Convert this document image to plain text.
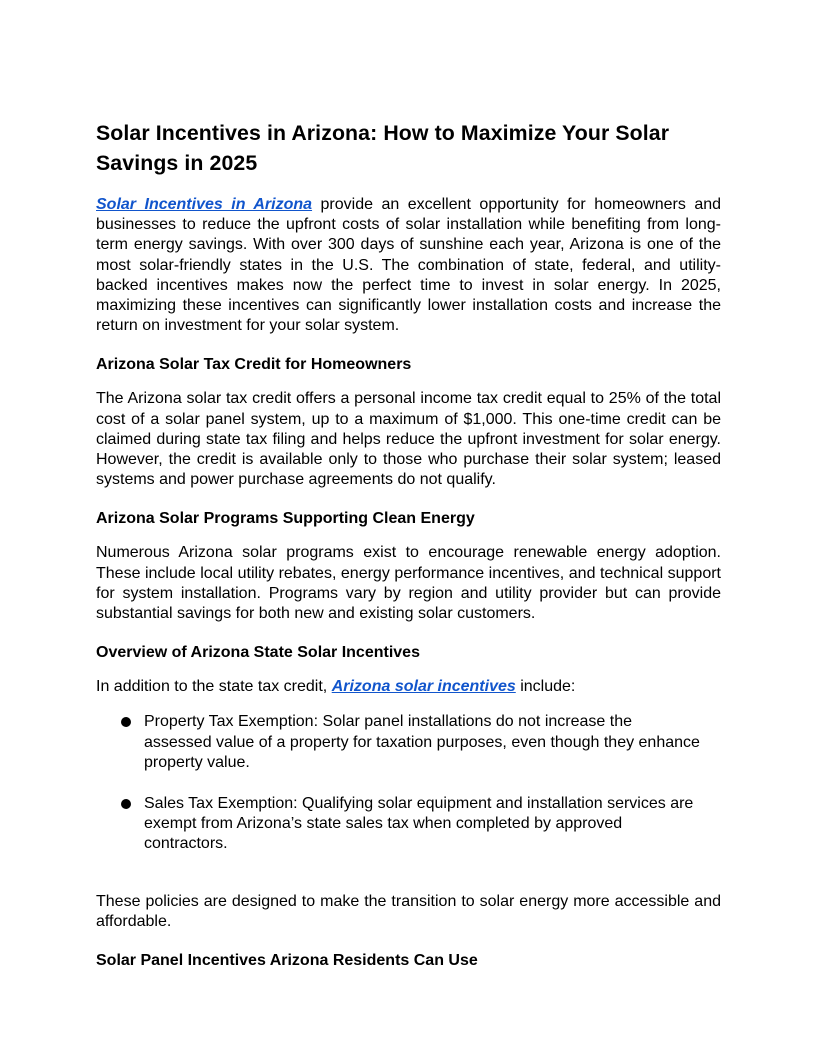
Solar Incentives in Arizona: How to Maximize Your Solar Savings in 2025

Solar Incentives in Arizona provide an excellent opportunity for homeowners and businesses to reduce the upfront costs of solar installation while benefiting from long-term energy savings. With over 300 days of sunshine each year, Arizona is one of the most solar-friendly states in the U.S. The combination of state, federal, and utility-backed incentives makes now the perfect time to invest in solar energy. In 2025, maximizing these incentives can significantly lower installation costs and increase the return on investment for your solar system.

Arizona Solar Tax Credit for Homeowners

The Arizona solar tax credit offers a personal income tax credit equal to 25% of the total cost of a solar panel system, up to a maximum of $1,000. This one-time credit can be claimed during state tax filing and helps reduce the upfront investment for solar energy. However, the credit is available only to those who purchase their solar system; leased systems and power purchase agreements do not qualify.

Arizona Solar Programs Supporting Clean Energy

Numerous Arizona solar programs exist to encourage renewable energy adoption. These include local utility rebates, energy performance incentives, and technical support for system installation. Programs vary by region and utility provider but can provide substantial savings for both new and existing solar customers.

Overview of Arizona State Solar Incentives

In addition to the state tax credit, Arizona solar incentives include:

Property Tax Exemption: Solar panel installations do not increase the assessed value of a property for taxation purposes, even though they enhance property value.
Sales Tax Exemption: Qualifying solar equipment and installation services are exempt from Arizona’s state sales tax when completed by approved contractors.

These policies are designed to make the transition to solar energy more accessible and affordable.

Solar Panel Incentives Arizona Residents Can Use
